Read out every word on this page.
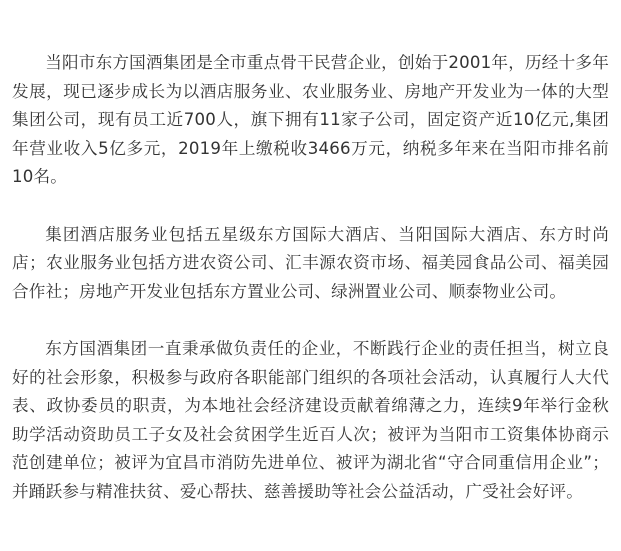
当阳市东方国酒集团是全市重点骨干民营企业，创始于2001年，历经十多年发展，现已逐步成长为以酒店服务业、农业服务业、房地产开发业为一体的大型集团公司，现有员工近700人，旗下拥有11家子公司，固定资产近10亿元,集团年营业收入5亿多元，2019年上缴税收3466万元，纳税多年来在当阳市排名前10名。

集团酒店服务业包括五星级东方国际大酒店、当阳国际大酒店、东方时尚店；农业服务业包括方进农资公司、汇丰源农资市场、福美园食品公司、福美园合作社；房地产开发业包括东方置业公司、绿洲置业公司、顺泰物业公司。

东方国酒集团一直秉承做负责任的企业，不断践行企业的责任担当，树立良好的社会形象，积极参与政府各职能部门组织的各项社会活动，认真履行人大代表、政协委员的职责，为本地社会经济建设贡献着绵薄之力，连续9年举行金秋助学活动资助员工子女及社会贫困学生近百人次；被评为当阳市工资集体协商示范创建单位；被评为宜昌市消防先进单位、被评为湖北省“守合同重信用企业”；并踊跃参与精准扶贫、爱心帮扶、慈善援助等社会公益活动，广受社会好评。
